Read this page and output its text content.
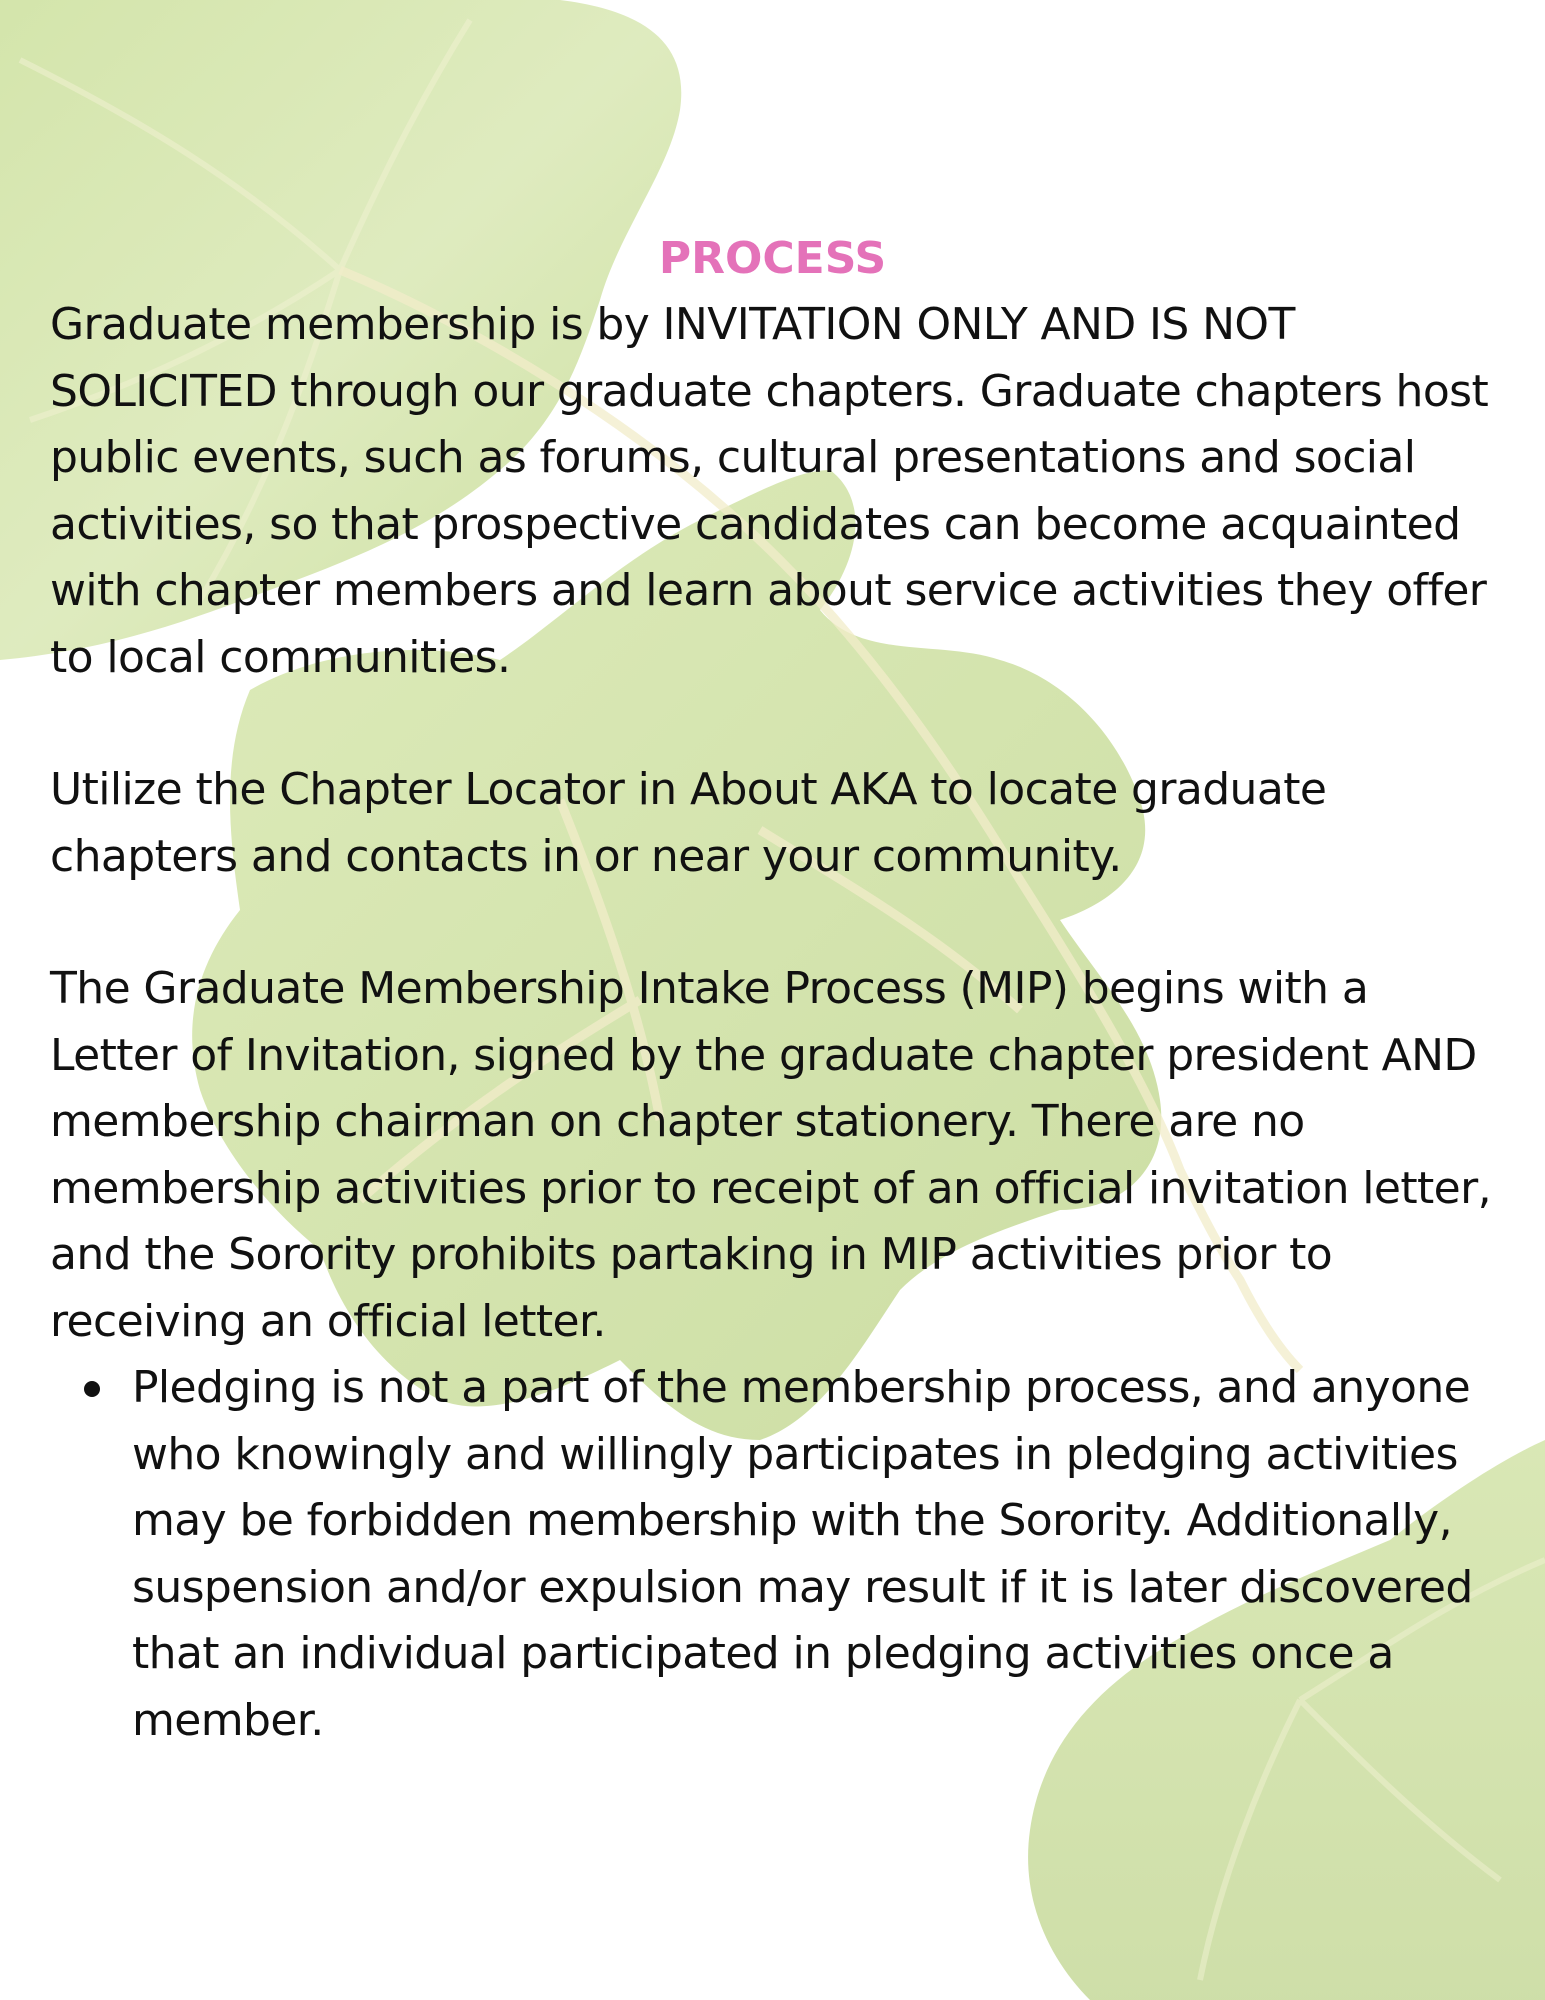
PROCESS

Graduate membership is by INVITATION ONLY AND IS NOT SOLICITED through our graduate chapters. Graduate chapters host public events, such as forums, cultural presentations and social activities, so that prospective candidates can become acquainted with chapter members and learn about service activities they offer to local communities.

Utilize the Chapter Locator in About AKA to locate graduate chapters and contacts in or near your community.

The Graduate Membership Intake Process (MIP) begins with a Letter of Invitation, signed by the graduate chapter president AND membership chairman on chapter stationery. There are no membership activities prior to receipt of an official invitation letter, and the Sorority prohibits partaking in MIP activities prior to receiving an official letter.

Pledging is not a part of the membership process, and anyone who knowingly and willingly participates in pledging activities may be forbidden membership with the Sorority. Additionally, suspension and/or expulsion may result if it is later discovered that an individual participated in pledging activities once a member.
